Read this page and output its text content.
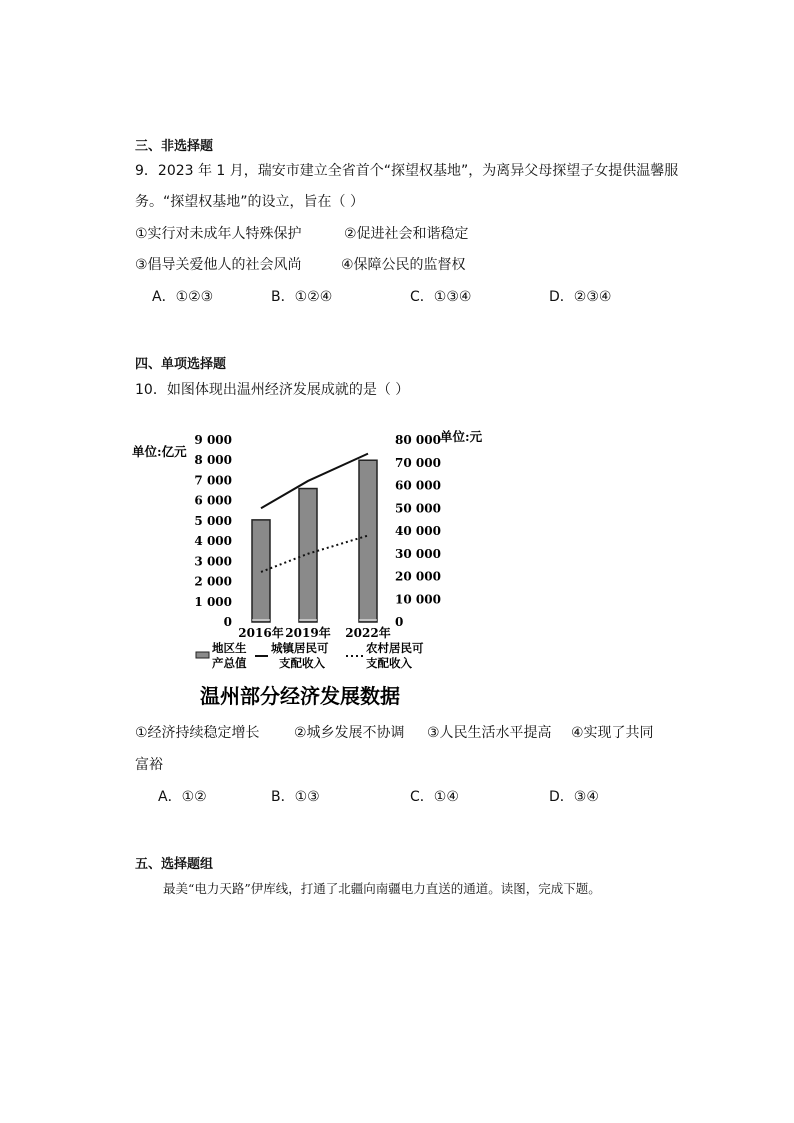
三、非选择题
9．2023 年 1 月，瑞安市建立全省首个“探望权基地”，为离异父母探望子女提供温馨服
务。“探望权基地”的设立，旨在（ ）
①实行对未成年人特殊保护	②促进社会和谐稳定
③倡导关爱他人的社会风尚	④保障公民的监督权
A．①②③	B．①②④	C．①③④	D．②③④
四、单项选择题
10．如图体现出温州经济发展成就的是（ ）
0
1 000
2 000
3 000
4 000
5 000
6 000
7 000
8 000
9 000
0
10 000
20 000
30 000
40 000
50 000
60 000
70 000
80 000
2016年 2019年 2022年
单位:亿元
单位:元
地区生
产总值
城镇居民可
支配收入
农村居民可
支配收入
温州部分经济发展数据
①经济持续稳定增长 ②城乡发展不协调 ③人民生活水平提高 ④实现了共同
富裕
A．①②	B．①③	C．①④	D．③④
五、选择题组
最美“电力天路”伊库线，打通了北疆向南疆电力直送的通道。读图，完成下题。
